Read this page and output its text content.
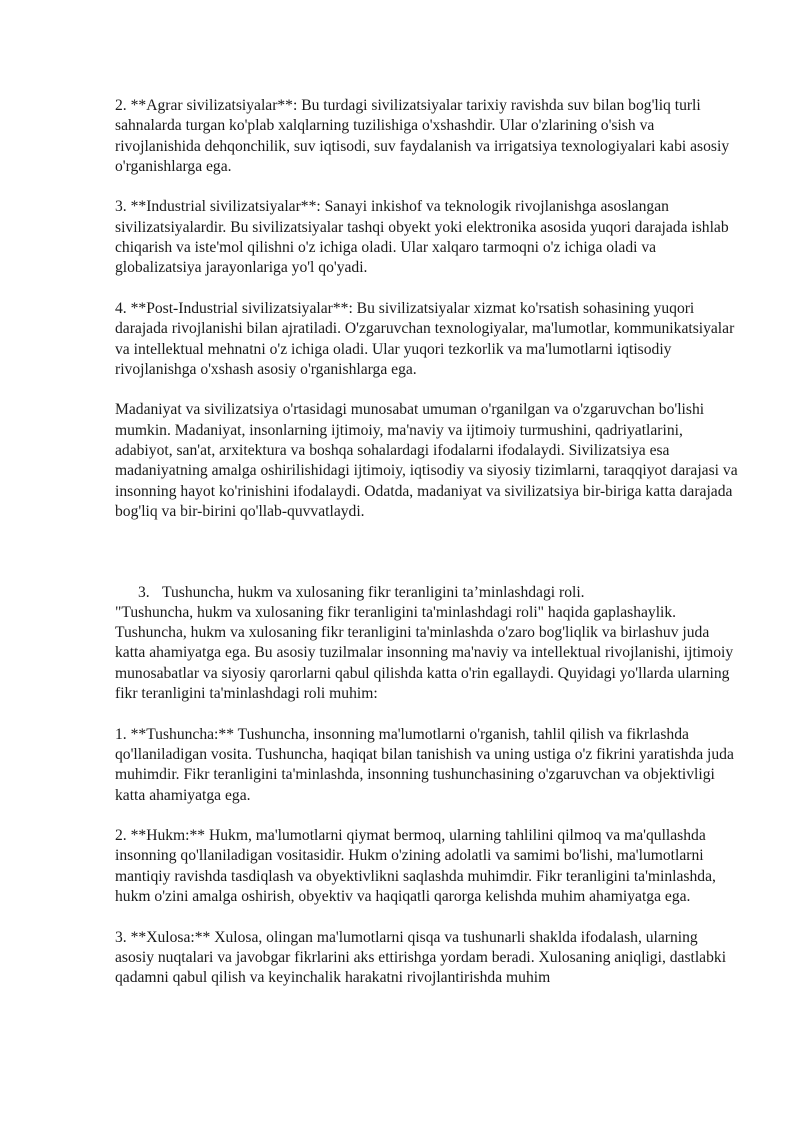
2. **Agrar sivilizatsiyalar**: Bu turdagi sivilizatsiyalar tarixiy ravishda suv bilan bog'liq turli sahnalarda turgan ko'plab xalqlarning tuzilishiga o'xshashdir. Ular o'zlarining o'sish va rivojlanishida dehqonchilik, suv iqtisodi, suv faydalanish va irrigatsiya texnologiyalari kabi asosiy o'rganishlarga ega.

3. **Industrial sivilizatsiyalar**: Sanayi inkishof va teknologik rivojlanishga asoslangan sivilizatsiyalardir. Bu sivilizatsiyalar tashqi obyekt yoki elektronika asosida yuqori darajada ishlab chiqarish va iste'mol qilishni o'z ichiga oladi. Ular xalqaro tarmoqni o'z ichiga oladi va globalizatsiya jarayonlariga yo'l qo'yadi.

4. **Post-Industrial sivilizatsiyalar**: Bu sivilizatsiyalar xizmat ko'rsatish sohasining yuqori darajada rivojlanishi bilan ajratiladi. O'zgaruvchan texnologiyalar, ma'lumotlar, kommunikatsiyalar va intellektual mehnatni o'z ichiga oladi. Ular yuqori tezkorlik va ma'lumotlarni iqtisodiy rivojlanishga o'xshash asosiy o'rganishlarga ega.

Madaniyat va sivilizatsiya o'rtasidagi munosabat umuman o'rganilgan va o'zgaruvchan bo'lishi mumkin. Madaniyat, insonlarning ijtimoiy, ma'naviy va ijtimoiy turmushini, qadriyatlarini, adabiyot, san'at, arxitektura va boshqa sohalardagi ifodalarni ifodalaydi. Sivilizatsiya esa madaniyatning amalga oshirilishidagi ijtimoiy, iqtisodiy va siyosiy tizimlarni, taraqqiyot darajasi va insonning hayot ko'rinishini ifodalaydi. Odatda, madaniyat va sivilizatsiya bir-biriga katta darajada bog'liq va bir-birini qo'llab-quvvatlaydi.

3. Tushuncha, hukm va xulosaning fikr teranligini ta’minlashdagi roli.

"Tushuncha, hukm va xulosaning fikr teranligini ta'minlashdagi roli" haqida gaplashaylik. Tushuncha, hukm va xulosaning fikr teranligini ta'minlashda o'zaro bog'liqlik va birlashuv juda katta ahamiyatga ega. Bu asosiy tuzilmalar insonning ma'naviy va intellektual rivojlanishi, ijtimoiy munosabatlar va siyosiy qarorlarni qabul qilishda katta o'rin egallaydi. Quyidagi yo'llarda ularning fikr teranligini ta'minlashdagi roli muhim:

1. **Tushuncha:** Tushuncha, insonning ma'lumotlarni o'rganish, tahlil qilish va fikrlashda qo'llaniladigan vosita. Tushuncha, haqiqat bilan tanishish va uning ustiga o'z fikrini yaratishda juda muhimdir. Fikr teranligini ta'minlashda, insonning tushunchasining o'zgaruvchan va objektivligi katta ahamiyatga ega.

2. **Hukm:** Hukm, ma'lumotlarni qiymat bermoq, ularning tahlilini qilmoq va ma'qullashda insonning qo'llaniladigan vositasidir. Hukm o'zining adolatli va samimi bo'lishi, ma'lumotlarni mantiqiy ravishda tasdiqlash va obyektivlikni saqlashda muhimdir. Fikr teranligini ta'minlashda, hukm o'zini amalga oshirish, obyektiv va haqiqatli qarorga kelishda muhim ahamiyatga ega.

3. **Xulosa:** Xulosa, olingan ma'lumotlarni qisqa va tushunarli shaklda ifodalash, ularning asosiy nuqtalari va javobgar fikrlarini aks ettirishga yordam beradi. Xulosaning aniqligi, dastlabki qadamni qabul qilish va keyinchalik harakatni rivojlantirishda muhim
